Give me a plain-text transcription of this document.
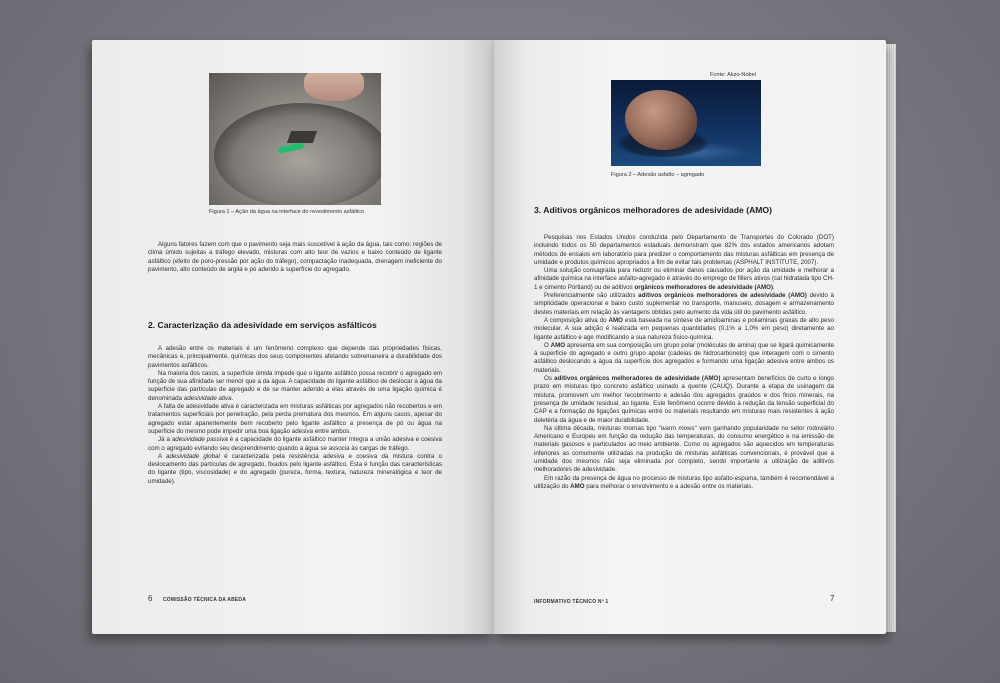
Figura 1 – Ação da água na interface do revestimento asfáltico

Alguns fatores fazem com que o pavimento seja mais suscetível à ação da água, tais como: regiões de clima úmido sujeitas a tráfego elevado, misturas com alto teor de vazios e baixo conteúdo de ligante asfáltico (efeito de poro-pressão por ação do tráfego), compactação inadequada, drenagem ineficiente do pavimento, alto conteúdo de argila e pó aderido à superfície do agregado.

2. Caracterização da adesividade em serviços asfálticos

A adesão entre os materiais é um fenômeno complexo que depende das propriedades físicas, mecânicas e, principalmente, químicas dos seus componentes afetando sobremaneira a durabilidade dos pavimentos asfálticos.

Na maioria dos casos, a superfície úmida impede que o ligante asfáltico possa recobrir o agregado em função de sua afinidade ser menor que a da água. A capacidade do ligante asfáltico de deslocar a água da superfície das partículas de agregado e de se manter aderido a elas através de uma ligação química é denominada adesividade ativa.

A falta de adesividade ativa é caracterizada em misturas asfálticas por agregados não recobertos e em tratamentos superficiais por penetração, pela perda prematura dos mesmos. Em alguns casos, apesar do agregado estar aparentemente bem recoberto pelo ligante asfáltico a presença de pó ou água na superfície do mesmo pode impedir uma boa ligação adesiva entre ambos.

Já a adesividade passiva é a capacidade do ligante asfáltico manter íntegra a união adesiva e coesiva com o agregado evitando seu desprendimento quando a água se associa às cargas de tráfego.

A adesividade global é caracterizada pela resistência adesiva e coesiva da mistura contra o deslocamento das partículas de agregado, fixados pelo ligante asfáltico. Esta é função das características do ligante (tipo, viscosidade) e do agregado (pureza, forma, textura, natureza mineralógica e teor de umidade).

6 COMISSÃO TÉCNICA DA ABEDA
Fonte: Akzo-Nobel
Figura 2 – Adesão asfalto – agregado
3. Aditivos orgânicos melhoradores de adesividade (AMO)

Pesquisas nos Estados Unidos conduzida pelo Departamento de Transportes do Colorado (DOT) incluindo todos os 50 departamentos estaduais demonstram que 82% dos estados americanos adotam métodos de ensaios em laboratório para predizer o comportamento das misturas asfálticas em presença de umidade e produtos químicos apropriados a fim de evitar tais problemas (ASPHALT INSTITUTE, 2007).

Uma solução consagrada para reduzir ou eliminar danos causados por ação da umidade e melhorar a afinidade química na interface asfalto-agregado é através do emprego de fillers ativos (cal hidratada tipo CH-1 e cimento Portland) ou de aditivos orgânicos melhoradores de adesividade (AMO).

Preferencialmente são utilizados aditivos orgânicos melhoradores de adesividade (AMO) devido à simplicidade operacional e baixo custo suplementar no transporte, manuseio, dosagem e armazenamento destes materiais em relação às vantagens obtidas pelo aumento da vida útil do pavimento asfáltico.

A composição ativa do AMO está baseada na síntese de amidoaminas e poliaminas graxas de alto peso molecular. A sua adição é realizada em pequenas quantidades (0,1% a 1,0% em peso) diretamente ao ligante asfáltico e age modificando a sua natureza físico-química.

O AMO apresenta em sua composição um grupo polar (moléculas de amina) que se ligará quimicamente à superfície do agregado e outro grupo apolar (cadeias de hidrocarboneto) que interagem com o cimento asfáltico deslocando a água da superfície dos agregados e formando uma ligação adesiva entre ambos os materiais.

Os aditivos orgânicos melhoradores de adesividade (AMO) apresentam benefícios de curto e longo prazo em misturas tipo concreto asfáltico usinado a quente (CAUQ). Durante a etapa de usinagem da mistura, promovem um melhor recobrimento e adesão dos agregados graúdos e dos finos minerais, na presença de umidade residual, ao ligante. Este fenômeno ocorre devido à redução da tensão superficial do CAP e a formação de ligações químicas entre os materiais resultando em misturas mais resistentes à ação deletéria da água e de maior durabilidade.

Na última década, misturas mornas tipo "warm mixes" vem ganhando popularidade no setor rodoviário Americano e Europeu em função da redução das temperaturas, do consumo energético e na emissão de materiais gasosos e particulados ao meio ambiente. Como os agregados são aquecidos em temperaturas inferiores as comumente utilizadas na produção de misturas asfálticas convencionais, é provável que a umidade dos mesmos não seja eliminada por completo, sendo importante a utilização de aditivos melhoradores de adesividade.

Em razão da presença de água no processo de misturas tipo asfalto-espuma, também é recomendável a utilização do AMO para melhorar o envolvimento e a adesão entre os materiais.

INFORMATIVO TÉCNICO Nº 1	7
